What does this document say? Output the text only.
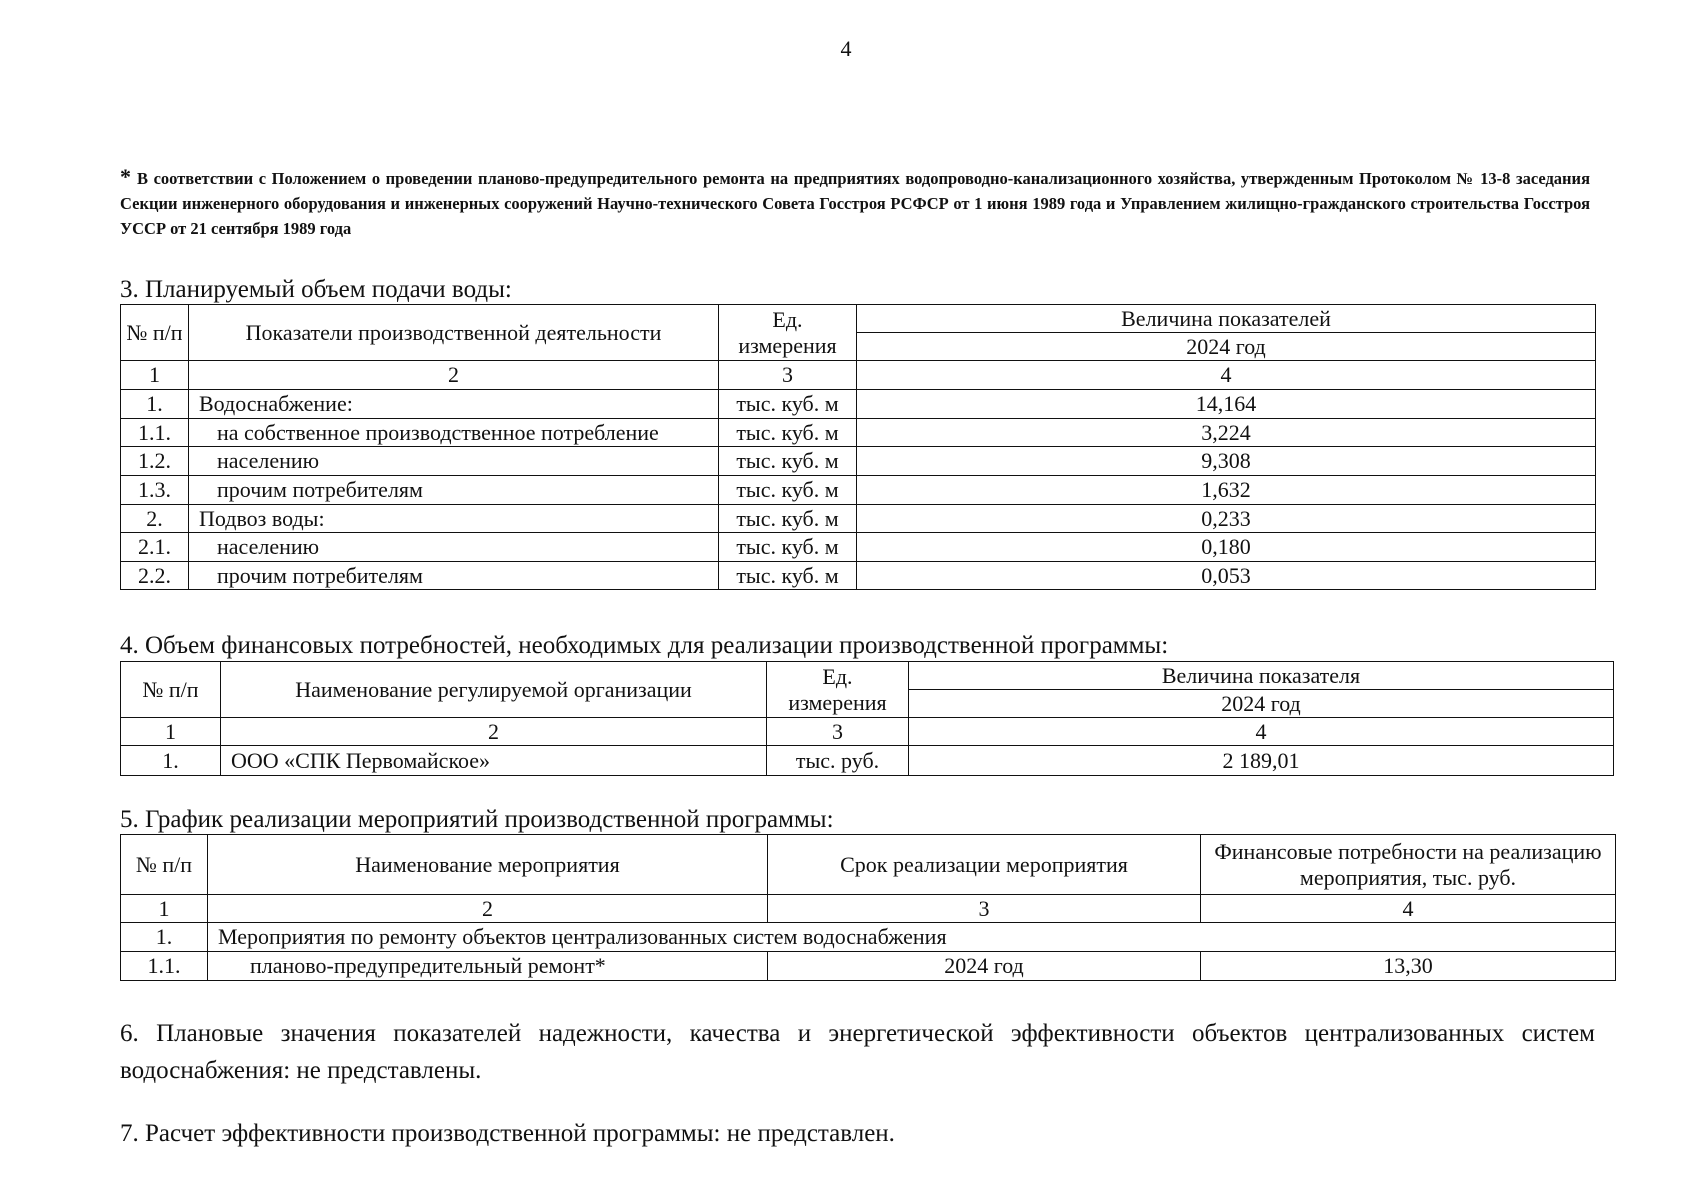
4
* В соответствии с Положением о проведении планово-предупредительного ремонта на предприятиях водопроводно-канализационного хозяйства, утвержденным Протоколом № 13-8 заседания Секции инженерного оборудования и инженерных сооружений Научно-технического Совета Госстроя РСФСР от 1 июня 1989 года и Управлением жилищно-гражданского строительства Госстроя УССР от 21 сентября 1989 года
3. Планируемый объем подачи воды:
№ п/п	Показатели производственной деятельности	Ед. измерения	Величина показателей
			2024 год
1	2	3	4
1.	Водоснабжение:	тыс. куб. м	14,164
1.1.	на собственное производственное потребление	тыс. куб. м	3,224
1.2.	населению	тыс. куб. м	9,308
1.3.	прочим потребителям	тыс. куб. м	1,632
2.	Подвоз воды:	тыс. куб. м	0,233
2.1.	населению	тыс. куб. м	0,180
2.2.	прочим потребителям	тыс. куб. м	0,053
4. Объем финансовых потребностей, необходимых для реализации производственной программы:
№ п/п	Наименование регулируемой организации	Ед. измерения	Величина показателя
			2024 год
1	2	3	4
1.	ООО «СПК Первомайское»	тыс. руб.	2 189,01
5. График реализации мероприятий производственной программы:
№ п/п	Наименование мероприятия	Срок реализации мероприятия	Финансовые потребности на реализацию мероприятия, тыс. руб.
1	2	3	4
1.	Мероприятия по ремонту объектов централизованных систем водоснабжения		
1.1.	планово-предупредительный ремонт*	2024 год	13,30
6. Плановые значения показателей надежности, качества и энергетической эффективности объектов централизованных систем водоснабжения: не представлены.
7. Расчет эффективности производственной программы: не представлен.
